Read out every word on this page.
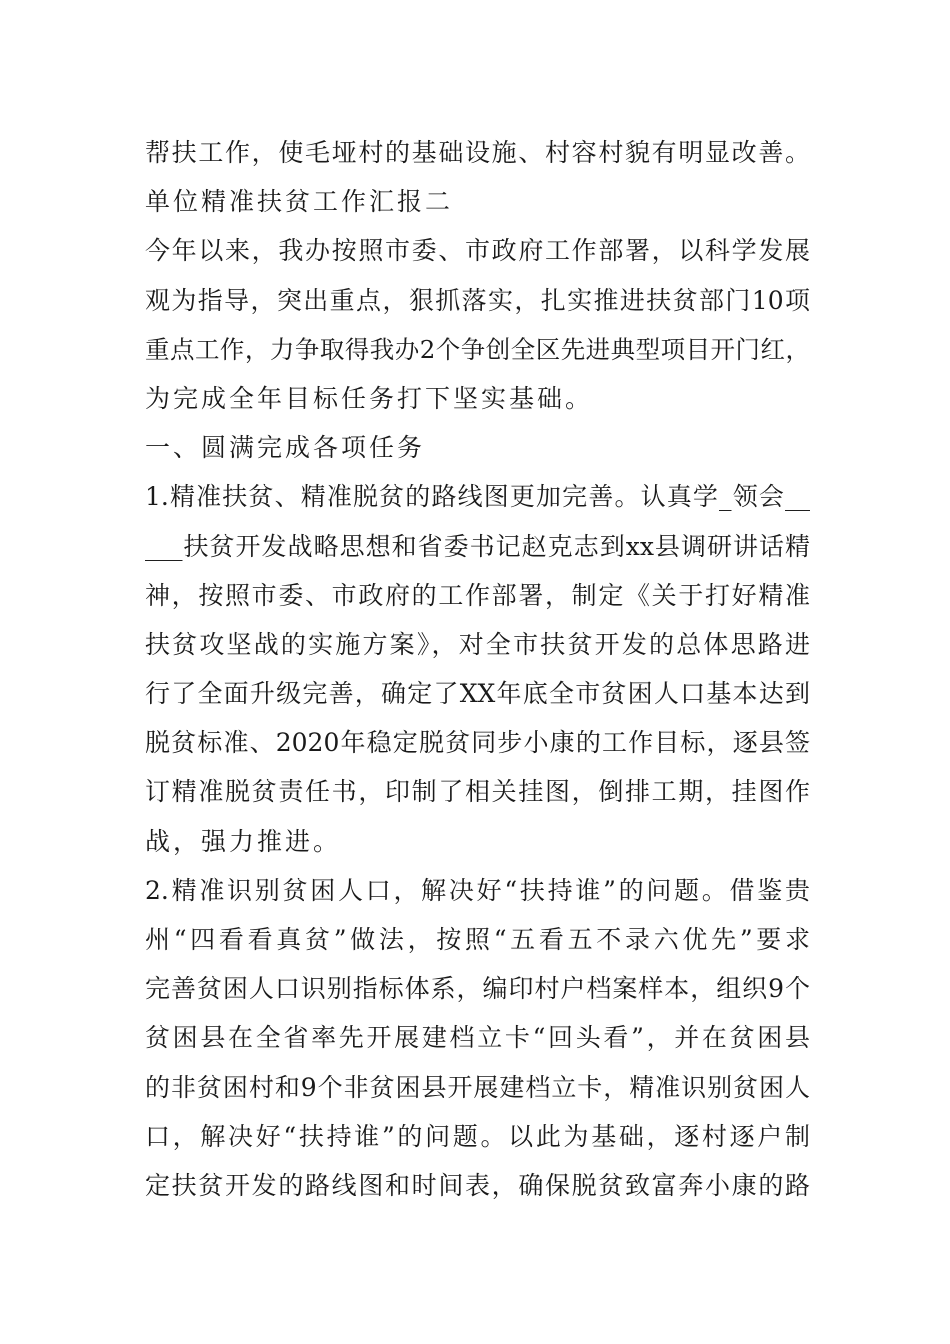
帮扶工作，使毛垭村的基础设施、村容村貌有明显改善。
单位精准扶贫工作汇报二
今年以来，我办按照市委、市政府工作部署，以科学发展
观为指导，突出重点，狠抓落实，扎实推进扶贫部门10项
重点工作，力争取得我办2个争创全区先进典型项目开门红，
为完成全年目标任务打下坚实基础。
一、圆满完成各项任务
1.精准扶贫、精准脱贫的路线图更加完善。认真学_领会__
___扶贫开发战略思想和省委书记赵克志到xx县调研讲话精
神，按照市委、市政府的工作部署，制定《关于打好精准
扶贫攻坚战的实施方案》，对全市扶贫开发的总体思路进
行了全面升级完善，确定了XX年底全市贫困人口基本达到
脱贫标准、2020年稳定脱贫同步小康的工作目标，逐县签
订精准脱贫责任书，印制了相关挂图，倒排工期，挂图作
战，强力推进。
2.精准识别贫困人口，解决好“扶持谁”的问题。借鉴贵
州“四看看真贫”做法，按照“五看五不录六优先”要求
完善贫困人口识别指标体系，编印村户档案样本，组织9个
贫困县在全省率先开展建档立卡“回头看”，并在贫困县
的非贫困村和9个非贫困县开展建档立卡，精准识别贫困人
口，解决好“扶持谁”的问题。以此为基础，逐村逐户制
定扶贫开发的路线图和时间表，确保脱贫致富奔小康的路
